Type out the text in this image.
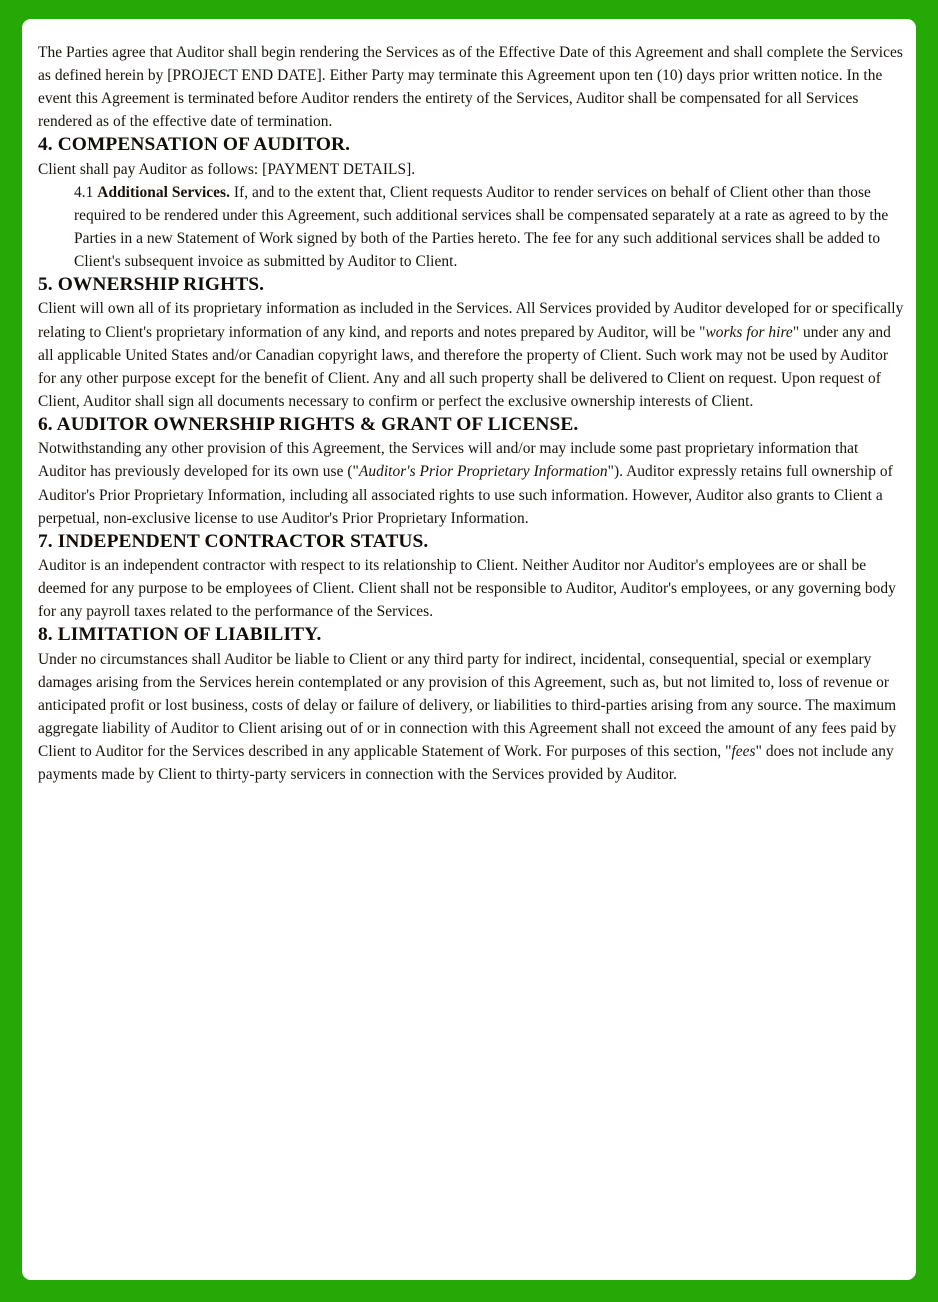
The Parties agree that Auditor shall begin rendering the Services as of the Effective Date of this Agreement and shall complete the Services as defined herein by [PROJECT END DATE]. Either Party may terminate this Agreement upon ten (10) days prior written notice. In the event this Agreement is terminated before Auditor renders the entirety of the Services, Auditor shall be compensated for all Services rendered as of the effective date of termination.

4. COMPENSATION OF AUDITOR.

Client shall pay Auditor as follows: [PAYMENT DETAILS].

4.1 Additional Services. If, and to the extent that, Client requests Auditor to render services on behalf of Client other than those required to be rendered under this Agreement, such additional services shall be compensated separately at a rate as agreed to by the Parties in a new Statement of Work signed by both of the Parties hereto. The fee for any such additional services shall be added to Client's subsequent invoice as submitted by Auditor to Client.

5. OWNERSHIP RIGHTS.

Client will own all of its proprietary information as included in the Services. All Services provided by Auditor developed for or specifically relating to Client's proprietary information of any kind, and reports and notes prepared by Auditor, will be "works for hire" under any and all applicable United States and/or Canadian copyright laws, and therefore the property of Client. Such work may not be used by Auditor for any other purpose except for the benefit of Client. Any and all such property shall be delivered to Client on request. Upon request of Client, Auditor shall sign all documents necessary to confirm or perfect the exclusive ownership interests of Client.

6. AUDITOR OWNERSHIP RIGHTS & GRANT OF LICENSE.

Notwithstanding any other provision of this Agreement, the Services will and/or may include some past proprietary information that Auditor has previously developed for its own use ("Auditor's Prior Proprietary Information"). Auditor expressly retains full ownership of Auditor's Prior Proprietary Information, including all associated rights to use such information. However, Auditor also grants to Client a perpetual, non-exclusive license to use Auditor's Prior Proprietary Information.

7. INDEPENDENT CONTRACTOR STATUS.

Auditor is an independent contractor with respect to its relationship to Client. Neither Auditor nor Auditor's employees are or shall be deemed for any purpose to be employees of Client. Client shall not be responsible to Auditor, Auditor's employees, or any governing body for any payroll taxes related to the performance of the Services.

8. LIMITATION OF LIABILITY.

Under no circumstances shall Auditor be liable to Client or any third party for indirect, incidental, consequential, special or exemplary damages arising from the Services herein contemplated or any provision of this Agreement, such as, but not limited to, loss of revenue or anticipated profit or lost business, costs of delay or failure of delivery, or liabilities to third-parties arising from any source. The maximum aggregate liability of Auditor to Client arising out of or in connection with this Agreement shall not exceed the amount of any fees paid by Client to Auditor for the Services described in any applicable Statement of Work. For purposes of this section, "fees" does not include any payments made by Client to thirty-party servicers in connection with the Services provided by Auditor.
